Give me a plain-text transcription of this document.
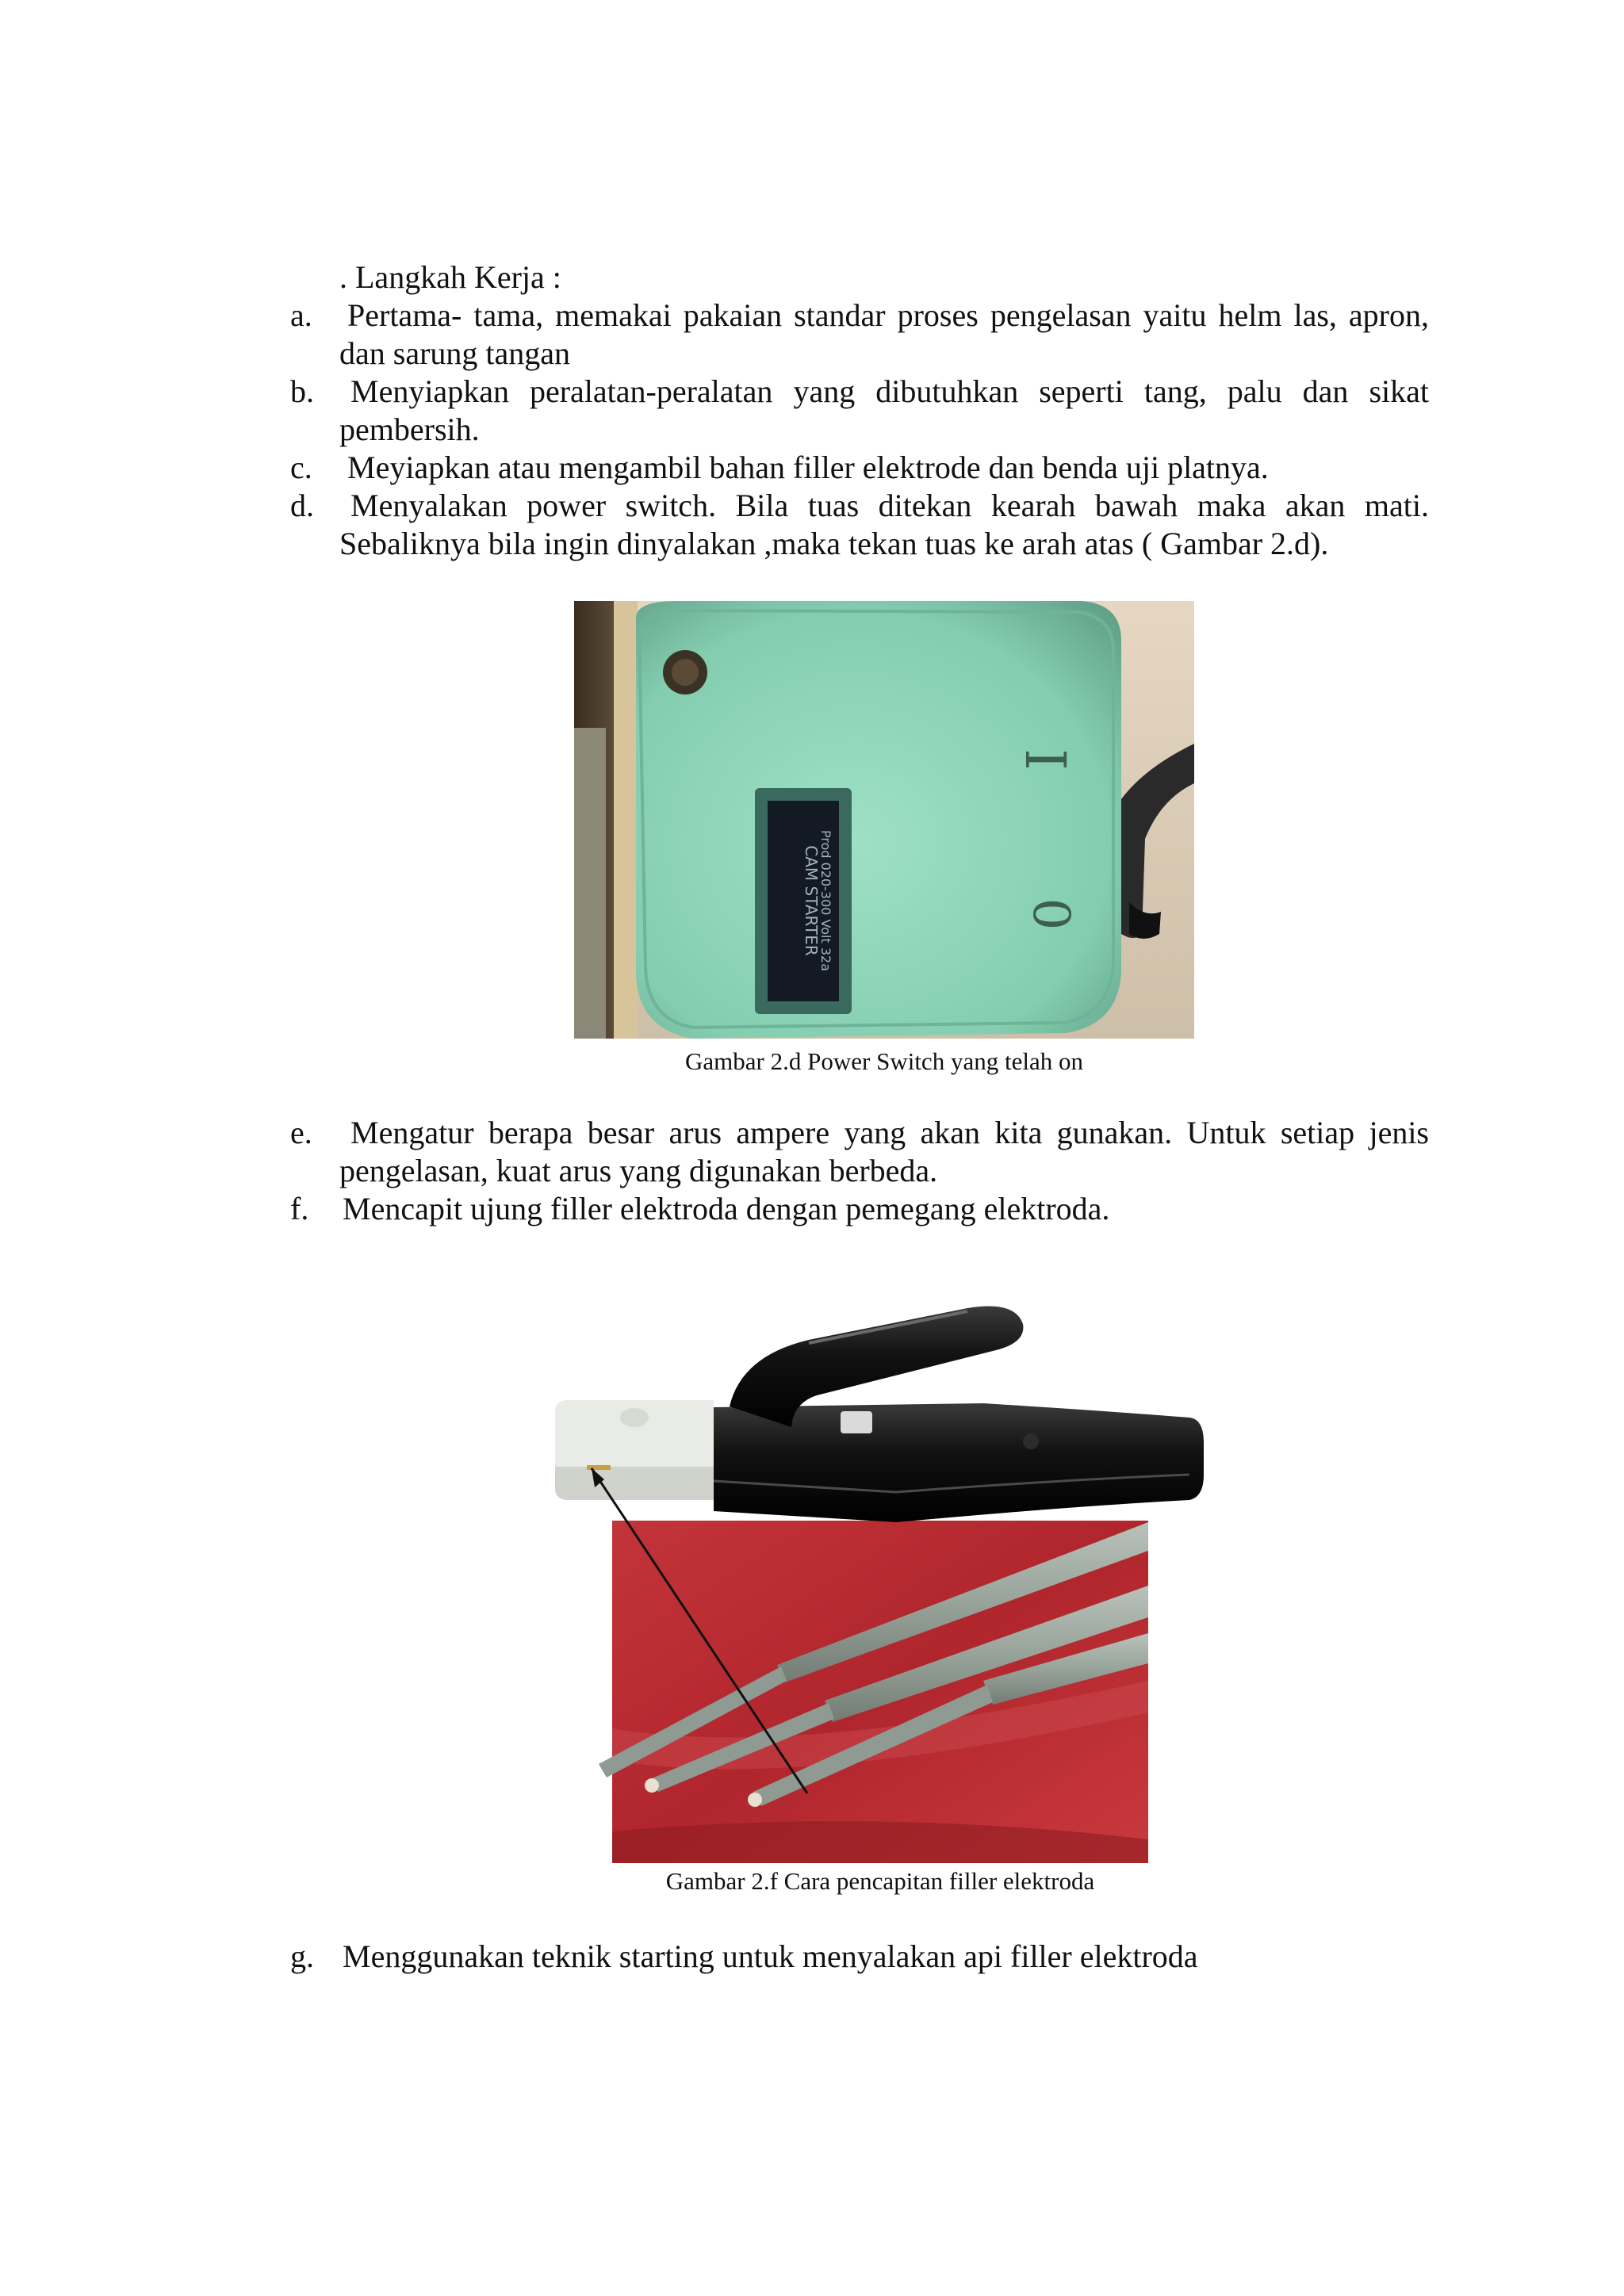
. Langkah Kerja :
a. Pertama- tama, memakai pakaian standar proses pengelasan yaitu helm las, apron,
dan sarung tangan
b. Menyiapkan peralatan-peralatan yang dibutuhkan seperti tang, palu dan sikat
pembersih.
c. Meyiapkan atau mengambil bahan filler elektrode dan benda uji platnya.
d. Menyalakan power switch. Bila tuas ditekan kearah bawah maka akan mati.
Sebaliknya bila ingin dinyalakan ,maka tekan tuas ke arah atas ( Gambar 2.d).
CAM STARTER
Prod 020-300 Volt 32a
I
0
Gambar 2.d Power Switch yang telah on
e. Mengatur berapa besar arus ampere yang akan kita gunakan. Untuk setiap jenis
pengelasan, kuat arus yang digunakan berbeda.
f. Mencapit ujung filler elektroda dengan pemegang elektroda.
Gambar 2.f Cara pencapitan filler elektroda
g. Menggunakan teknik starting untuk menyalakan api filler elektroda
